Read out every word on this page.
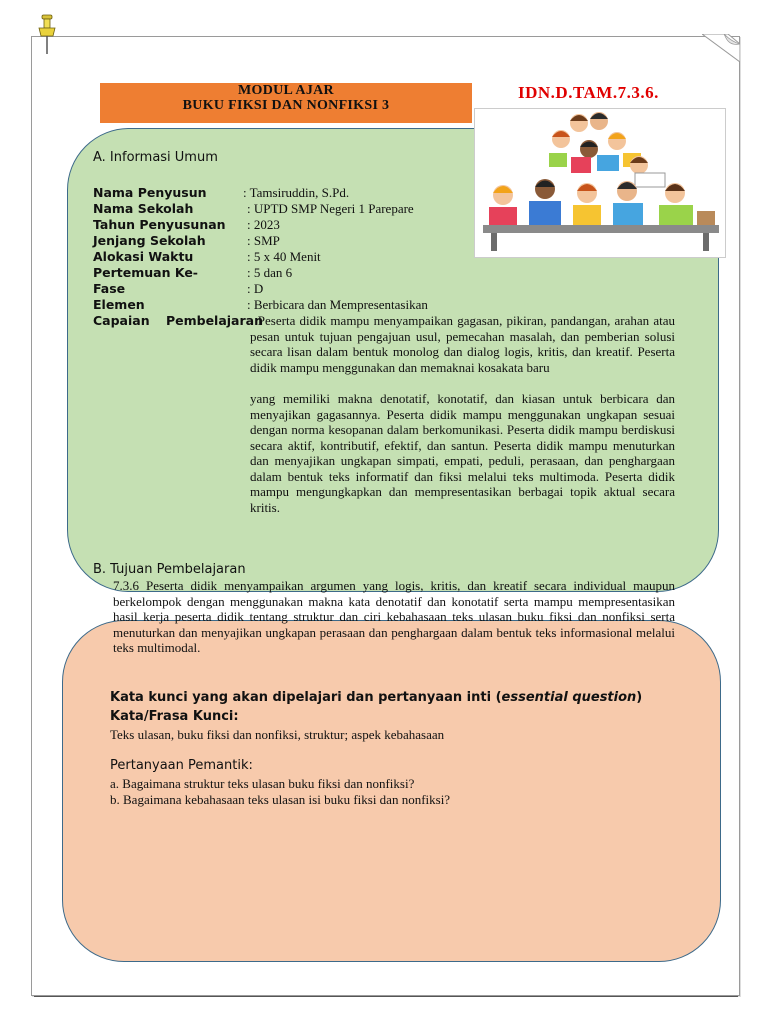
MODUL AJAR
BUKU FIKSI DAN NONFIKSI 3
IDN.D.TAM.7.3.6.
A. Informasi Umum
Nama Penyusun	: Tamsiruddin, S.Pd.
Nama Sekolah	: UPTD SMP Negeri 1 Parepare
Tahun Penyusunan : 2023
Jenjang Sekolah	: SMP
Alokasi Waktu	: 5 x 40 Menit
Pertemuan Ke-	: 5 dan 6
Fase	: D
Elemen	: Berbicara dan Mempresentasikan
Capaian Pembelajaran
: Peserta didik mampu menyampaikan gagasan, pikiran, pandangan, arahan atau pesan untuk tujuan pengajuan usul, pemecahan masalah, dan pemberian solusi secara lisan dalam bentuk monolog dan dialog logis, kritis, dan kreatif. Peserta didik mampu menggunakan dan memaknai kosakata baru
yang memiliki makna denotatif, konotatif, dan kiasan untuk berbicara dan menyajikan gagasannya. Peserta didik mampu menggunakan ungkapan sesuai dengan norma kesopanan dalam berkomunikasi. Peserta didik mampu berdiskusi secara aktif, kontributif, efektif, dan santun. Peserta didik mampu menuturkan dan menyajikan ungkapan simpati, empati, peduli, perasaan, dan penghargaan dalam bentuk teks informatif dan fiksi melalui teks multimoda. Peserta didik mampu mengungkapkan dan mempresentasikan berbagai topik aktual secara kritis.
B. Tujuan Pembelajaran
7.3.6 Peserta didik menyampaikan argumen yang logis, kritis, dan kreatif secara individual maupun berkelompok dengan menggunakan makna kata denotatif dan konotatif serta mampu mempresentasikan hasil kerja peserta didik tentang struktur dan ciri kebahasaan teks ulasan buku fiksi dan nonfiksi serta menuturkan dan menyajikan ungkapan perasaan dan penghargaan dalam bentuk teks informasional melalui teks multimodal.
Kata kunci yang akan dipelajari dan pertanyaan inti (essential question)
Kata/Frasa Kunci:
Teks ulasan, buku fiksi dan nonfiksi, struktur; aspek kebahasaan
Pertanyaan Pemantik:
a. Bagaimana struktur teks ulasan buku fiksi dan nonfiksi?
b. Bagaimana kebahasaan teks ulasan isi buku fiksi dan nonfiksi?
